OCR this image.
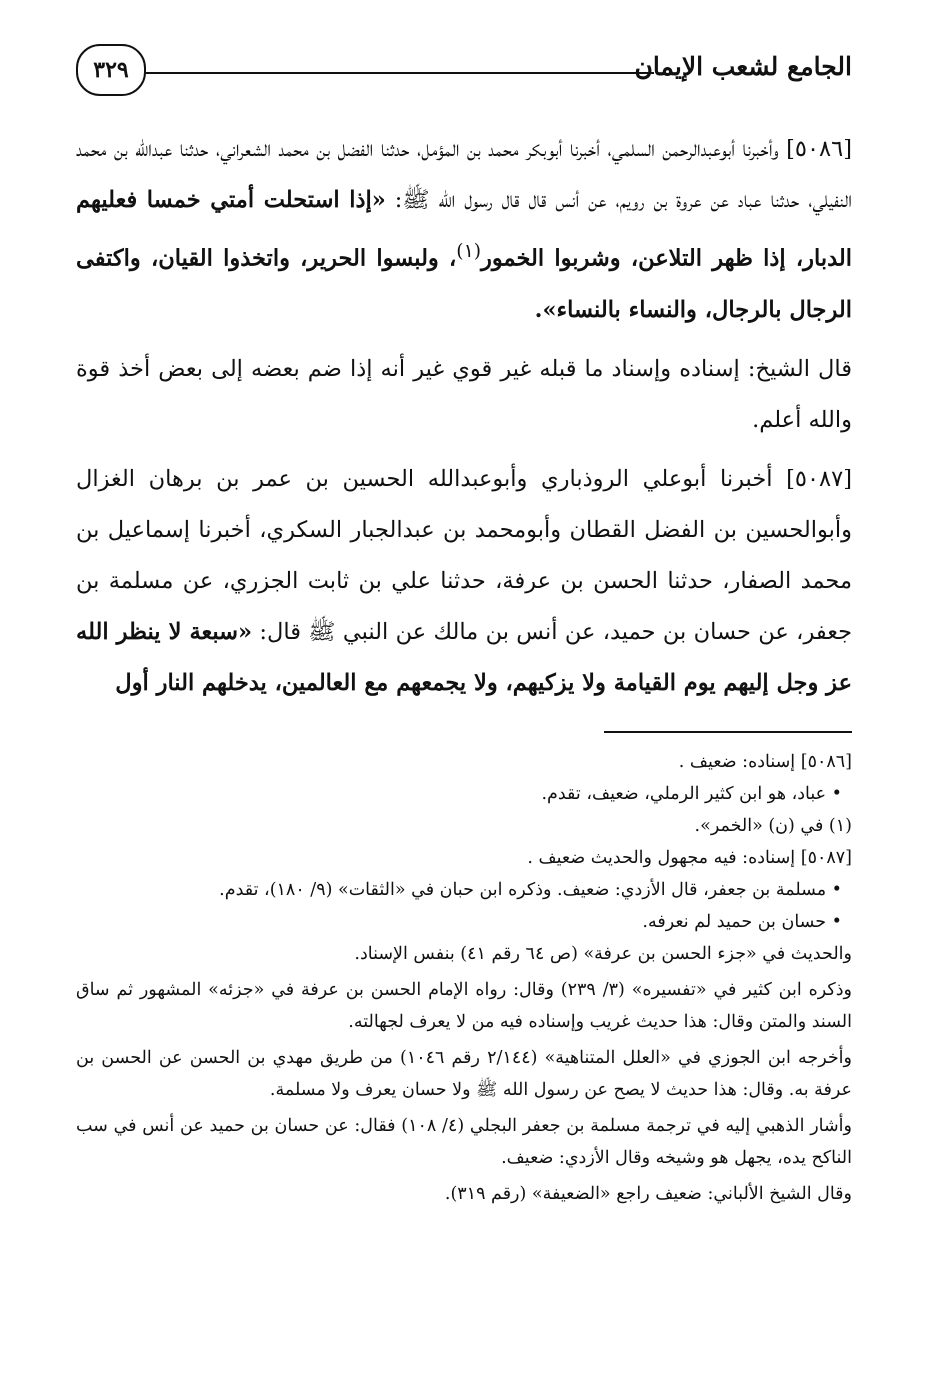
الجامع لشعب الإيمان
٣٢٩

[٥٠٨٦] وأخبرنا أبوعبدالرحمن السلمي، أخبرنا أبوبكر محمد بن المؤمل، حدثنا الفضل بن محمد الشعراني، حدثنا عبدالله بن محمد النفيلي، حدثنا عباد عن عروة بن رويم، عن أنس قال قال رسول الله ﷺ: «إذا استحلت أمتي خمسا فعليهم الدبار، إذا ظهر التلاعن، وشربوا الخمور$^{(١)}$، ولبسوا الحرير، واتخذوا القيان، واكتفى الرجال بالرجال، والنساء بالنساء».

قال الشيخ: إسناده وإسناد ما قبله غير قوي غير أنه إذا ضم بعضه إلى بعض أخذ قوة والله أعلم.

[٥٠٨٧] أخبرنا أبوعلي الروذباري وأبوعبدالله الحسين بن عمر بن برهان الغزال وأبوالحسين بن الفضل القطان وأبومحمد بن عبدالجبار السكري، أخبرنا إسماعيل بن محمد الصفار، حدثنا الحسن بن عرفة، حدثنا علي بن ثابت الجزري، عن مسلمة بن جعفر، عن حسان بن حميد، عن أنس بن مالك عن النبي ﷺ قال: «سبعة لا ينظر الله عز وجل إليهم يوم القيامة ولا يزكيهم، ولا يجمعهم مع العالمين، يدخلهم النار أول

[٥٠٨٦] إسناده: ضعيف .

• عباد، هو ابن كثير الرملي، ضعيف، تقدم.

(١) في (ن) «الخمر».

[٥٠٨٧] إسناده: فيه مجهول والحديث ضعيف .

• مسلمة بن جعفر، قال الأزدي: ضعيف. وذكره ابن حبان في «الثقات» (٩/ ١٨٠)، تقدم.

• حسان بن حميد لم نعرفه.

والحديث في «جزء الحسن بن عرفة» (ص ٦٤ رقم ٤١) بنفس الإسناد.

وذكره ابن كثير في «تفسيره» (٣/ ٢٣٩) وقال: رواه الإمام الحسن بن عرفة في «جزئه» المشهور ثم ساق السند والمتن وقال: هذا حديث غريب وإسناده فيه من لا يعرف لجهالته.

وأخرجه ابن الجوزي في «العلل المتناهية» (٢/١٤٤ رقم ١٠٤٦) من طريق مهدي بن الحسن عن الحسن بن عرفة به. وقال: هذا حديث لا يصح عن رسول الله ﷺ ولا حسان يعرف ولا مسلمة.

وأشار الذهبي إليه في ترجمة مسلمة بن جعفر البجلي (٤/ ١٠٨) فقال: عن حسان بن حميد عن أنس في سب الناكح يده، يجهل هو وشيخه وقال الأزدي: ضعيف.

وقال الشيخ الألباني: ضعيف راجع «الضعيفة» (رقم ٣١٩).
